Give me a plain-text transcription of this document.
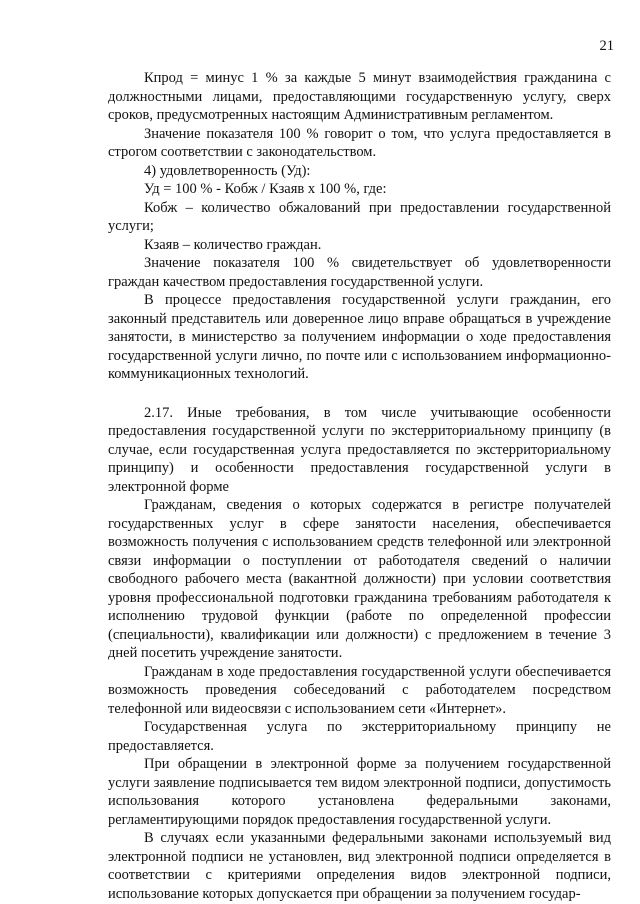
21

Кпрод = минус 1 % за каждые 5 минут взаимодействия гражданина с должностными лицами, предоставляющими государственную услугу, сверх сроков, предусмотренных настоящим Административным регламентом.

Значение показателя 100 % говорит о том, что услуга предоставляется в строгом соответствии с законодательством.

4) удовлетворенность (Уд):

Уд = 100 % - Кобж / Кзаяв x 100 %, где:

Кобж – количество обжалований при предоставлении государственной услуги;

Кзаяв – количество граждан.

Значение показателя 100 % свидетельствует об удовлетворенности граждан качеством предоставления государственной услуги.

В процессе предоставления государственной услуги гражданин, его законный представитель или доверенное лицо вправе обращаться в учреждение занятости, в министерство за получением информации о ходе предоставления государственной услуги лично, по почте или с использованием информационно-коммуникационных технологий.

2.17. Иные требования, в том числе учитывающие особенности предоставления государственной услуги по экстерриториальному принципу (в случае, если государственная услуга предоставляется по экстерриториальному принципу) и особенности предоставления государственной услуги в электронной форме

Гражданам, сведения о которых содержатся в регистре получателей государственных услуг в сфере занятости населения, обеспечивается возможность получения с использованием средств телефонной или электронной связи информации о поступлении от работодателя сведений о наличии свободного рабочего места (вакантной должности) при условии соответствия уровня профессиональной подготовки гражданина требованиям работодателя к исполнению трудовой функции (работе по определенной профессии (специальности), квалификации или должности) с предложением в течение 3 дней посетить учреждение занятости.

Гражданам в ходе предоставления государственной услуги обеспечивается возможность проведения собеседований с работодателем посредством телефонной или видеосвязи с использованием сети «Интернет».

Государственная услуга по экстерриториальному принципу не предоставляется.

При обращении в электронной форме за получением государственной услуги заявление подписывается тем видом электронной подписи, допустимость использования которого установлена федеральными законами, регламентирующими порядок предоставления государственной услуги.

В случаях если указанными федеральными законами используемый вид электронной подписи не установлен, вид электронной подписи определяется в соответствии с критериями определения видов электронной подписи, использование которых допускается при обращении за получением государ-
